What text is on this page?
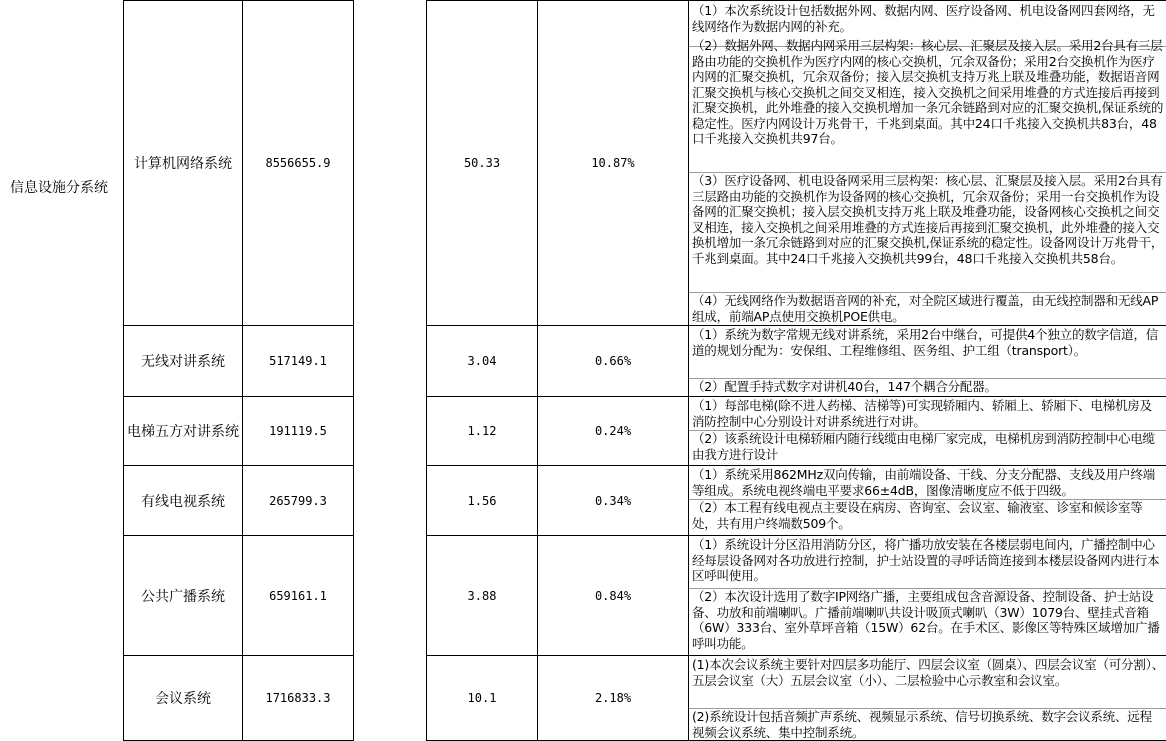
信息设施分系统
计算机网络系统	8556655.9	50.33	10.87%
（1）本次系统设计包括数据外网、数据内网、医疗设备网、机电设备网四套网络，无线网络作为数据内网的补充。
（2）数据外网、数据内网采用三层构架：核心层、汇聚层及接入层。采用2台具有三层路由功能的交换机作为医疗内网的核心交换机，冗余双备份；采用2台交换机作为医疗内网的汇聚交换机，冗余双备份；接入层交换机支持万兆上联及堆叠功能，数据语音网汇聚交换机与核心交换机之间交叉相连，接入交换机之间采用堆叠的方式连接后再接到汇聚交换机，此外堆叠的接入交换机增加一条冗余链路到对应的汇聚交换机,保证系统的稳定性。医疗内网设计万兆骨干，千兆到桌面。其中24口千兆接入交换机共83台，48口千兆接入交换机共97台。
（3）医疗设备网、机电设备网采用三层构架：核心层、汇聚层及接入层。采用2台具有三层路由功能的交换机作为设备网的核心交换机，冗余双备份；采用一台交换机作为设备网的汇聚交换机；接入层交换机支持万兆上联及堆叠功能，设备网核心交换机之间交叉相连，接入交换机之间采用堆叠的方式连接后再接到汇聚交换机，此外堆叠的接入交换机增加一条冗余链路到对应的汇聚交换机,保证系统的稳定性。设备网设计万兆骨干，千兆到桌面。其中24口千兆接入交换机共99台，48口千兆接入交换机共58台。
（4）无线网络作为数据语音网的补充，对全院区域进行覆盖，由无线控制器和无线AP组成，前端AP点使用交换机POE供电。
无线对讲系统	517149.1	3.04	0.66%
（1）系统为数字常规无线对讲系统，采用2台中继台，可提供4个独立的数字信道，信道的规划分配为：安保组、工程维修组、医务组、护工组（transport）。
（2）配置手持式数字对讲机40台，147个耦合分配器。
电梯五方对讲系统	191119.5	1.12	0.24%
（1）每部电梯(除不进人药梯、洁梯等)可实现轿厢内、轿厢上、轿厢下、电梯机房及消防控制中心分别设计对讲系统进行对讲。
（2）该系统设计电梯轿厢内随行线缆由电梯厂家完成，电梯机房到消防控制中心电缆由我方进行设计
有线电视系统	265799.3	1.56	0.34%
（1）系统采用862MHz双向传输，由前端设备、干线、分支分配器、支线及用户终端等组成。系统电视终端电平要求66±4dB，图像清晰度应不低于四级。
（2）本工程有线电视点主要设在病房、咨询室、会议室、输液室、诊室和候诊室等处，共有用户终端数509个。
公共广播系统	659161.1	3.88	0.84%
（1）系统设计分区沿用消防分区，将广播功放安装在各楼层弱电间内，广播控制中心经每层设备网对各功放进行控制，护士站设置的寻呼话筒连接到本楼层设备网内进行本区呼叫使用。
（2）本次设计选用了数字IP网络广播，主要组成包含音源设备、控制设备、护士站设备、功放和前端喇叭。广播前端喇叭共设计吸顶式喇叭（3W）1079台、壁挂式音箱（6W）333台、室外草坪音箱（15W）62台。在手术区、影像区等特殊区域增加广播呼叫功能。
会议系统	1716833.3	10.1	2.18%
(1)本次会议系统主要针对四层多功能厅、四层会议室（圆桌）、四层会议室（可分割）、五层会议室（大）五层会议室（小）、二层检验中心示教室和会议室。
(2)系统设计包括音频扩声系统、视频显示系统、信号切换系统、数字会议系统、远程视频会议系统、集中控制系统。
